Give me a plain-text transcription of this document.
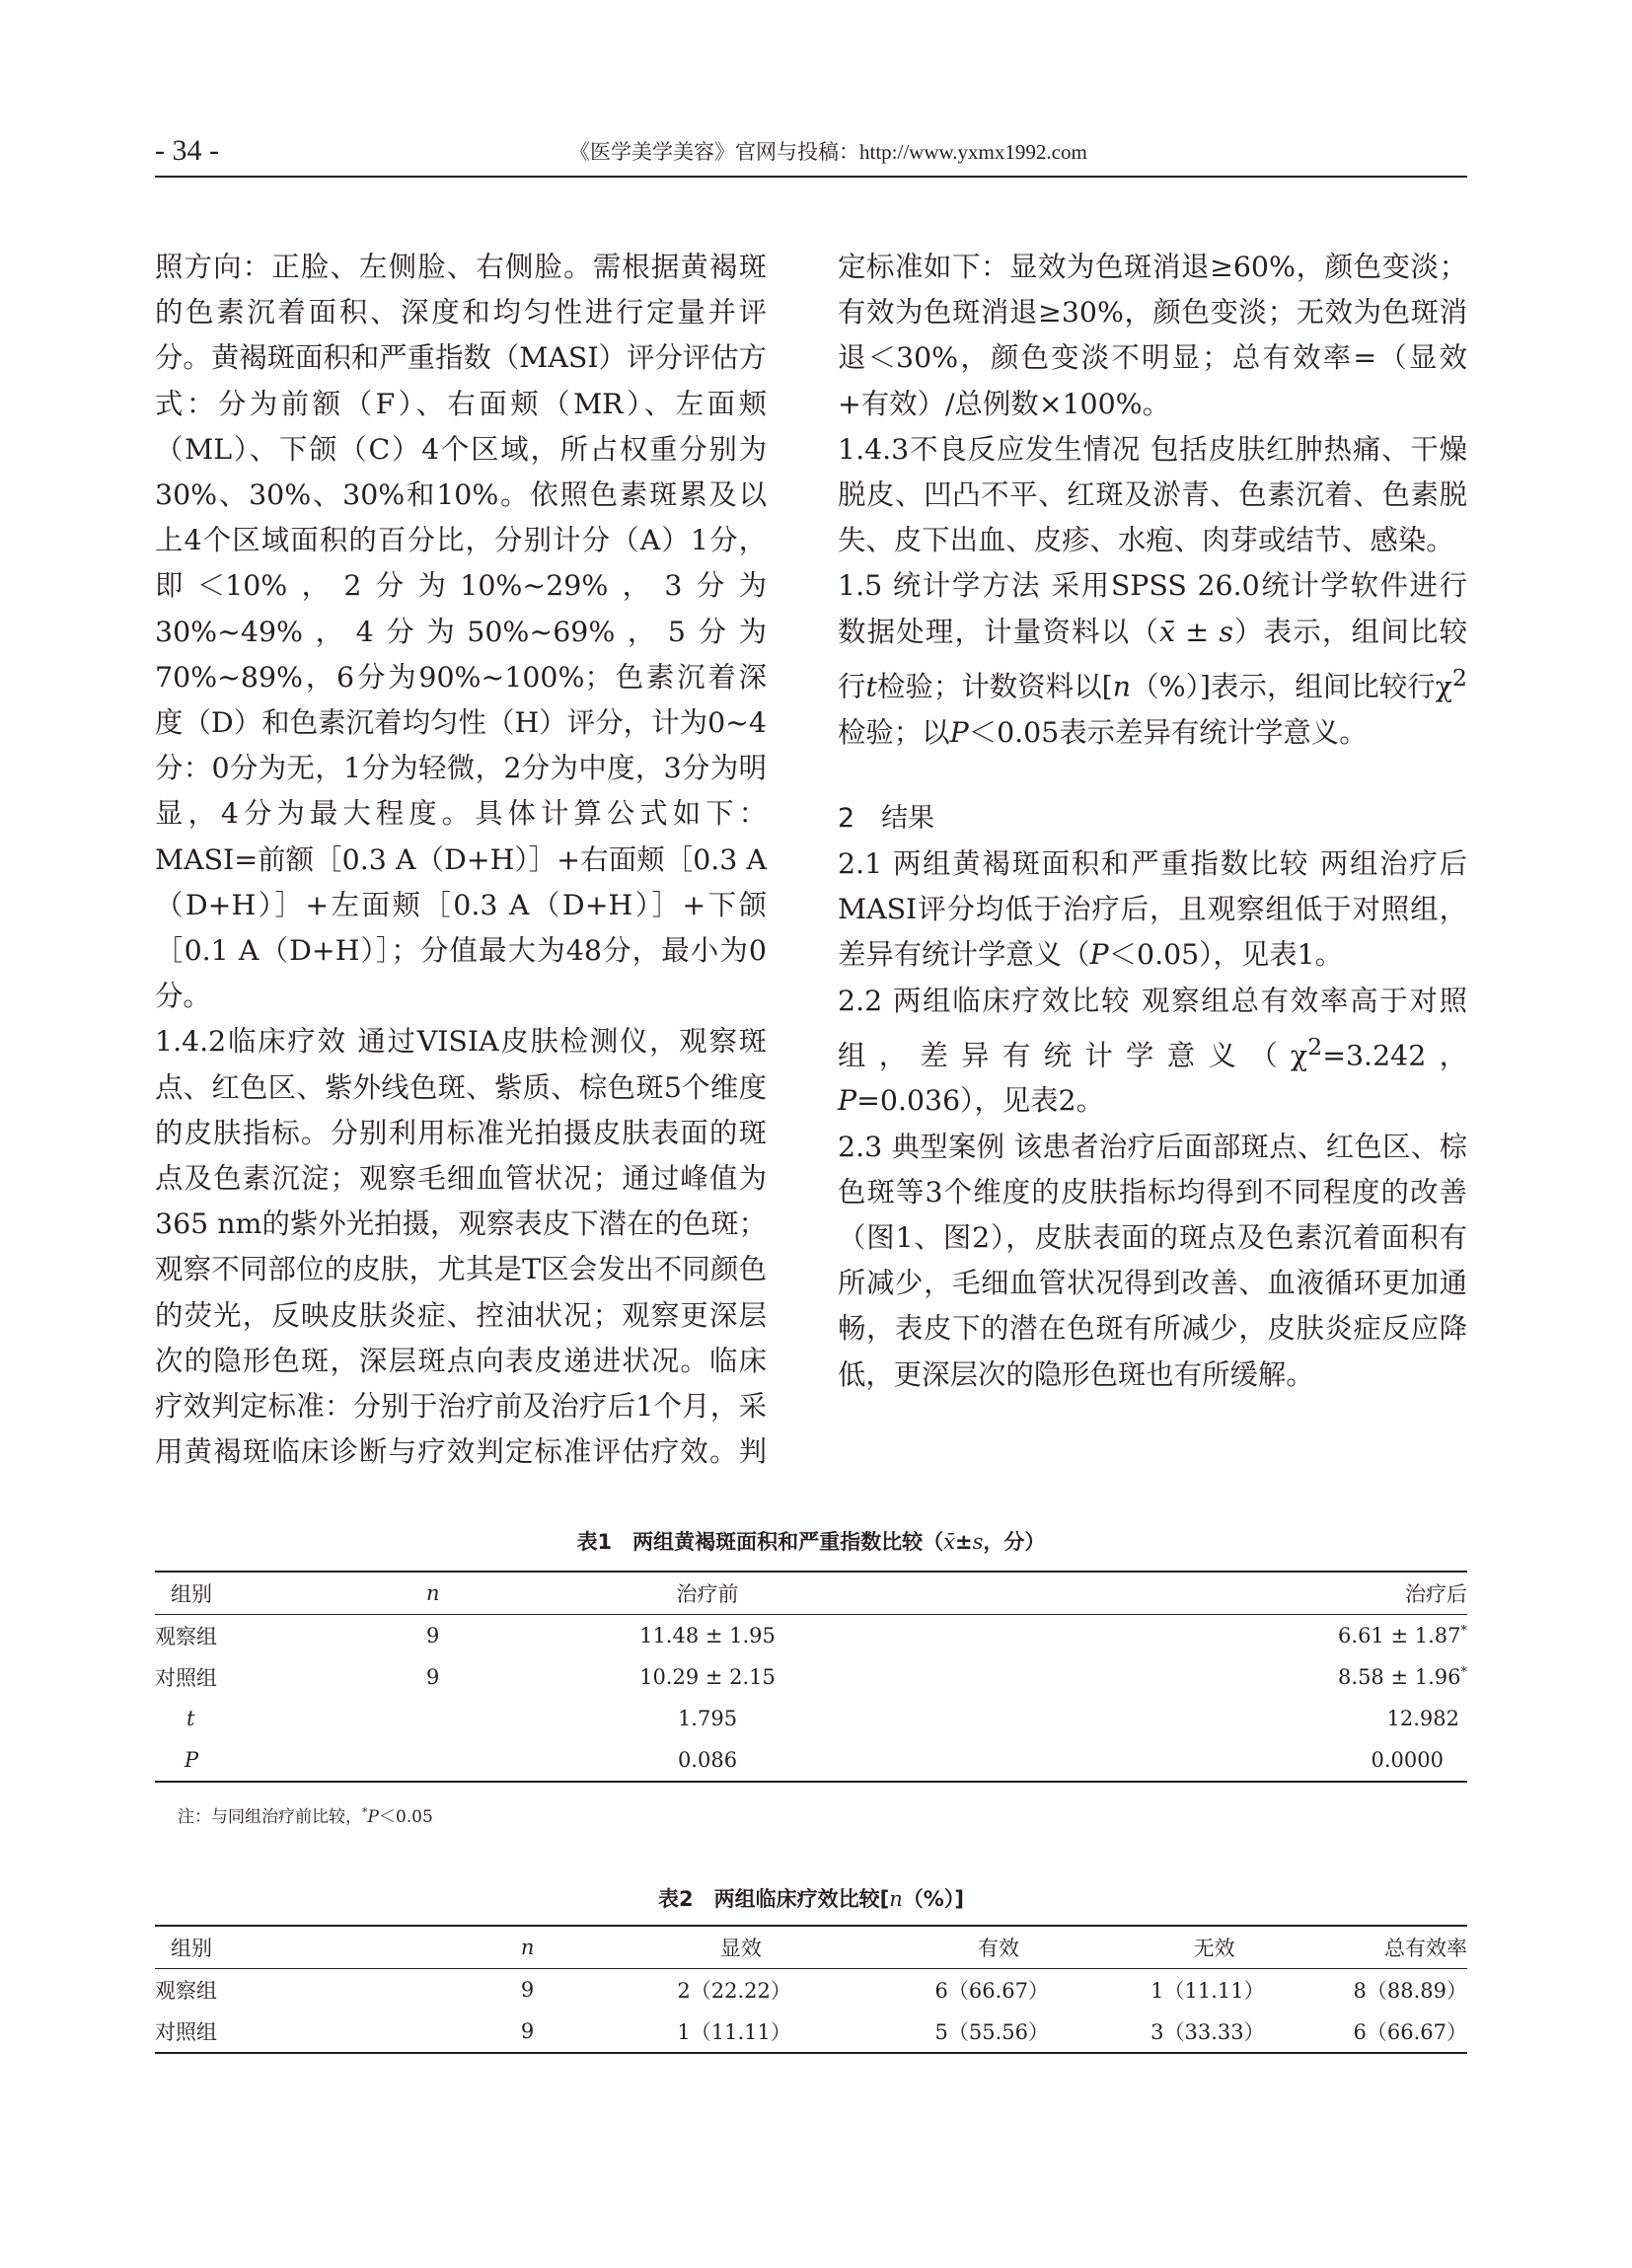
- 34 -	《医学美学美容》官网与投稿：http://www.yxmx1992.com

照方向：正脸、左侧脸、右侧脸。需根据黄褐斑的色素沉着面积、深度和均匀性进行定量并评分。黄褐斑面积和严重指数（MASI）评分评估方式：分为前额（F）、右面颊（MR）、左面颊（ML）、下颌（C）4个区域，所占权重分别为30%、30%、30%和10%。依照色素斑累及以上4个区域面积的百分比，分别计分（A）1分，即＜10%，2分为10%~29%，3分为30%~49%，4分为50%~69%，5分为70%~89%，6分为90%~100%；色素沉着深度（D）和色素沉着均匀性（H）评分，计为0~4分：0分为无，1分为轻微，2分为中度，3分为明显，4分为最大程度。具体计算公式如下：MASI=前额［0.3 A（D+H）］+右面颊［0.3 A（D+H）］+左面颊［0.3 A（D+H）］+下颌［0.1 A（D+H）］；分值最大为48分，最小为0分。

1.4.2临床疗效 通过VISIA皮肤检测仪，观察斑点、红色区、紫外线色斑、紫质、棕色斑5个维度的皮肤指标。分别利用标准光拍摄皮肤表面的斑点及色素沉淀；观察毛细血管状况；通过峰值为365 nm的紫外光拍摄，观察表皮下潜在的色斑；观察不同部位的皮肤，尤其是T区会发出不同颜色的荧光，反映皮肤炎症、控油状况；观察更深层次的隐形色斑，深层斑点向表皮递进状况。临床疗效判定标准：分别于治疗前及治疗后1个月，采用黄褐斑临床诊断与疗效判定标准评估疗效。判

定标准如下：显效为色斑消退≥60%，颜色变淡；有效为色斑消退≥30%，颜色变淡；无效为色斑消退＜30%，颜色变淡不明显；总有效率=（显效+有效）/总例数×100%。

1.4.3不良反应发生情况 包括皮肤红肿热痛、干燥脱皮、凹凸不平、红斑及淤青、色素沉着、色素脱失、皮下出血、皮疹、水疱、肉芽或结节、感染。

1.5 统计学方法 采用SPSS 26.0统计学软件进行数据处理，计量资料以（x̄ ± s）表示，组间比较行t检验；计数资料以[n（%）]表示，组间比较行$\chi^2$检验；以P＜0.05表示差异有统计学意义。

2　结果

2.1 两组黄褐斑面积和严重指数比较 两组治疗后MASI评分均低于治疗后，且观察组低于对照组，差异有统计学意义（P＜0.05），见表1。

2.2 两组临床疗效比较 观察组总有效率高于对照组，差异有统计学意义（$\chi^2=3.242$，P=0.036），见表2。

2.3 典型案例 该患者治疗后面部斑点、红色区、棕色斑等3个维度的皮肤指标均得到不同程度的改善（图1、图2），皮肤表面的斑点及色素沉着面积有所减少，毛细血管状况得到改善、血液循环更加通畅，表皮下的潜在色斑有所减少，皮肤炎症反应降低，更深层次的隐形色斑也有所缓解。

表1　两组黄褐斑面积和严重指数比较（x̄±s，分）
组别	n	治疗前	治疗后
观察组	9	11.48 ± 1.95	6.61 ± 1.87*
对照组	9	10.29 ± 2.15	8.58 ± 1.96*
t		1.795	12.982
P		0.086	0.0000
注：与同组治疗前比较，*P＜0.05
表2　两组临床疗效比较[n（%）]
组别	n	显效	有效	无效	总有效率
观察组	9	2（22.22）	6（66.67）	1（11.11）	8（88.89）
对照组	9	1（11.11）	5（55.56）	3（33.33）	6（66.67）
